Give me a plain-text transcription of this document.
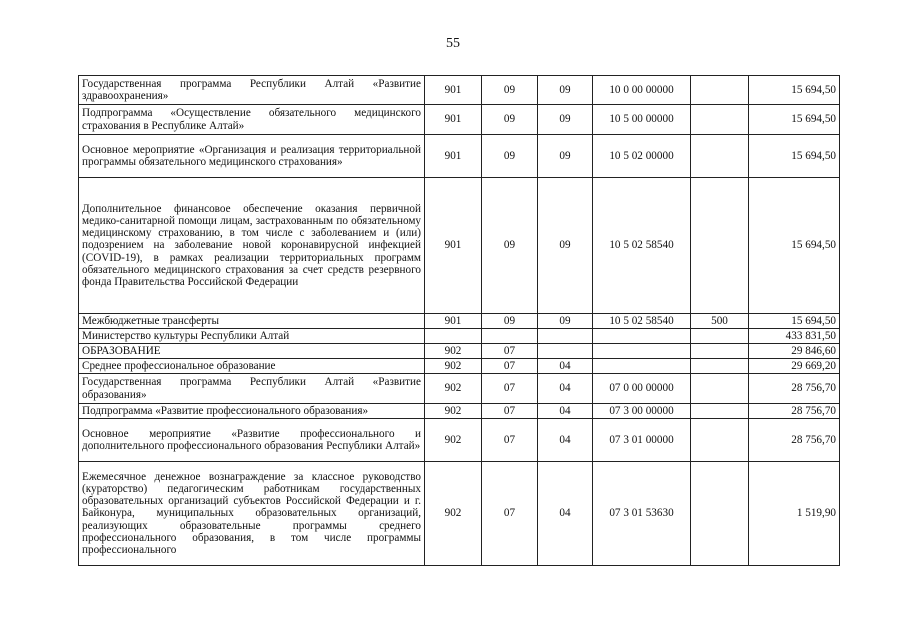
55
Государственная программа Республики Алтай «Развитие здравоохранения»	901	09	09	10 0 00 00000		15 694,50
Подпрограмма «Осуществление обязательного медицинского страхования в Республике Алтай»	901	09	09	10 5 00 00000		15 694,50
Основное мероприятие «Организация и реализация территориальной программы обязательного медицинского страхования»	901	09	09	10 5 02 00000		15 694,50
Дополнительное финансовое обеспечение оказания первичной медико-санитарной помощи лицам, застрахованным по обязательному медицинскому страхованию, в том числе с заболеванием и (или) подозрением на заболевание новой коронавирусной инфекцией (COVID-19), в рамках реализации территориальных программ обязательного медицинского страхования за счет средств резервного фонда Правительства Российской Федерации	901	09	09	10 5 02 58540		15 694,50
Межбюджетные трансферты	901	09	09	10 5 02 58540	500	15 694,50
Министерство культуры Республики Алтай						433 831,50
ОБРАЗОВАНИЕ	902	07				29 846,60
Среднее профессиональное образование	902	07	04			29 669,20
Государственная программа Республики Алтай «Развитие образования»	902	07	04	07 0 00 00000		28 756,70
Подпрограмма «Развитие профессионального образования»	902	07	04	07 3 00 00000		28 756,70
Основное мероприятие «Развитие профессионального и дополнительного профессионального образования Республики Алтай»	902	07	04	07 3 01 00000		28 756,70
Ежемесячное денежное вознаграждение за классное руководство (кураторство) педагогическим работникам государственных образовательных организаций субъектов Российской Федерации и г. Байконура, муниципальных образовательных организаций, реализующих образовательные программы среднего профессионального образования, в том числе программы профессионального	902	07	04	07 3 01 53630		1 519,90
